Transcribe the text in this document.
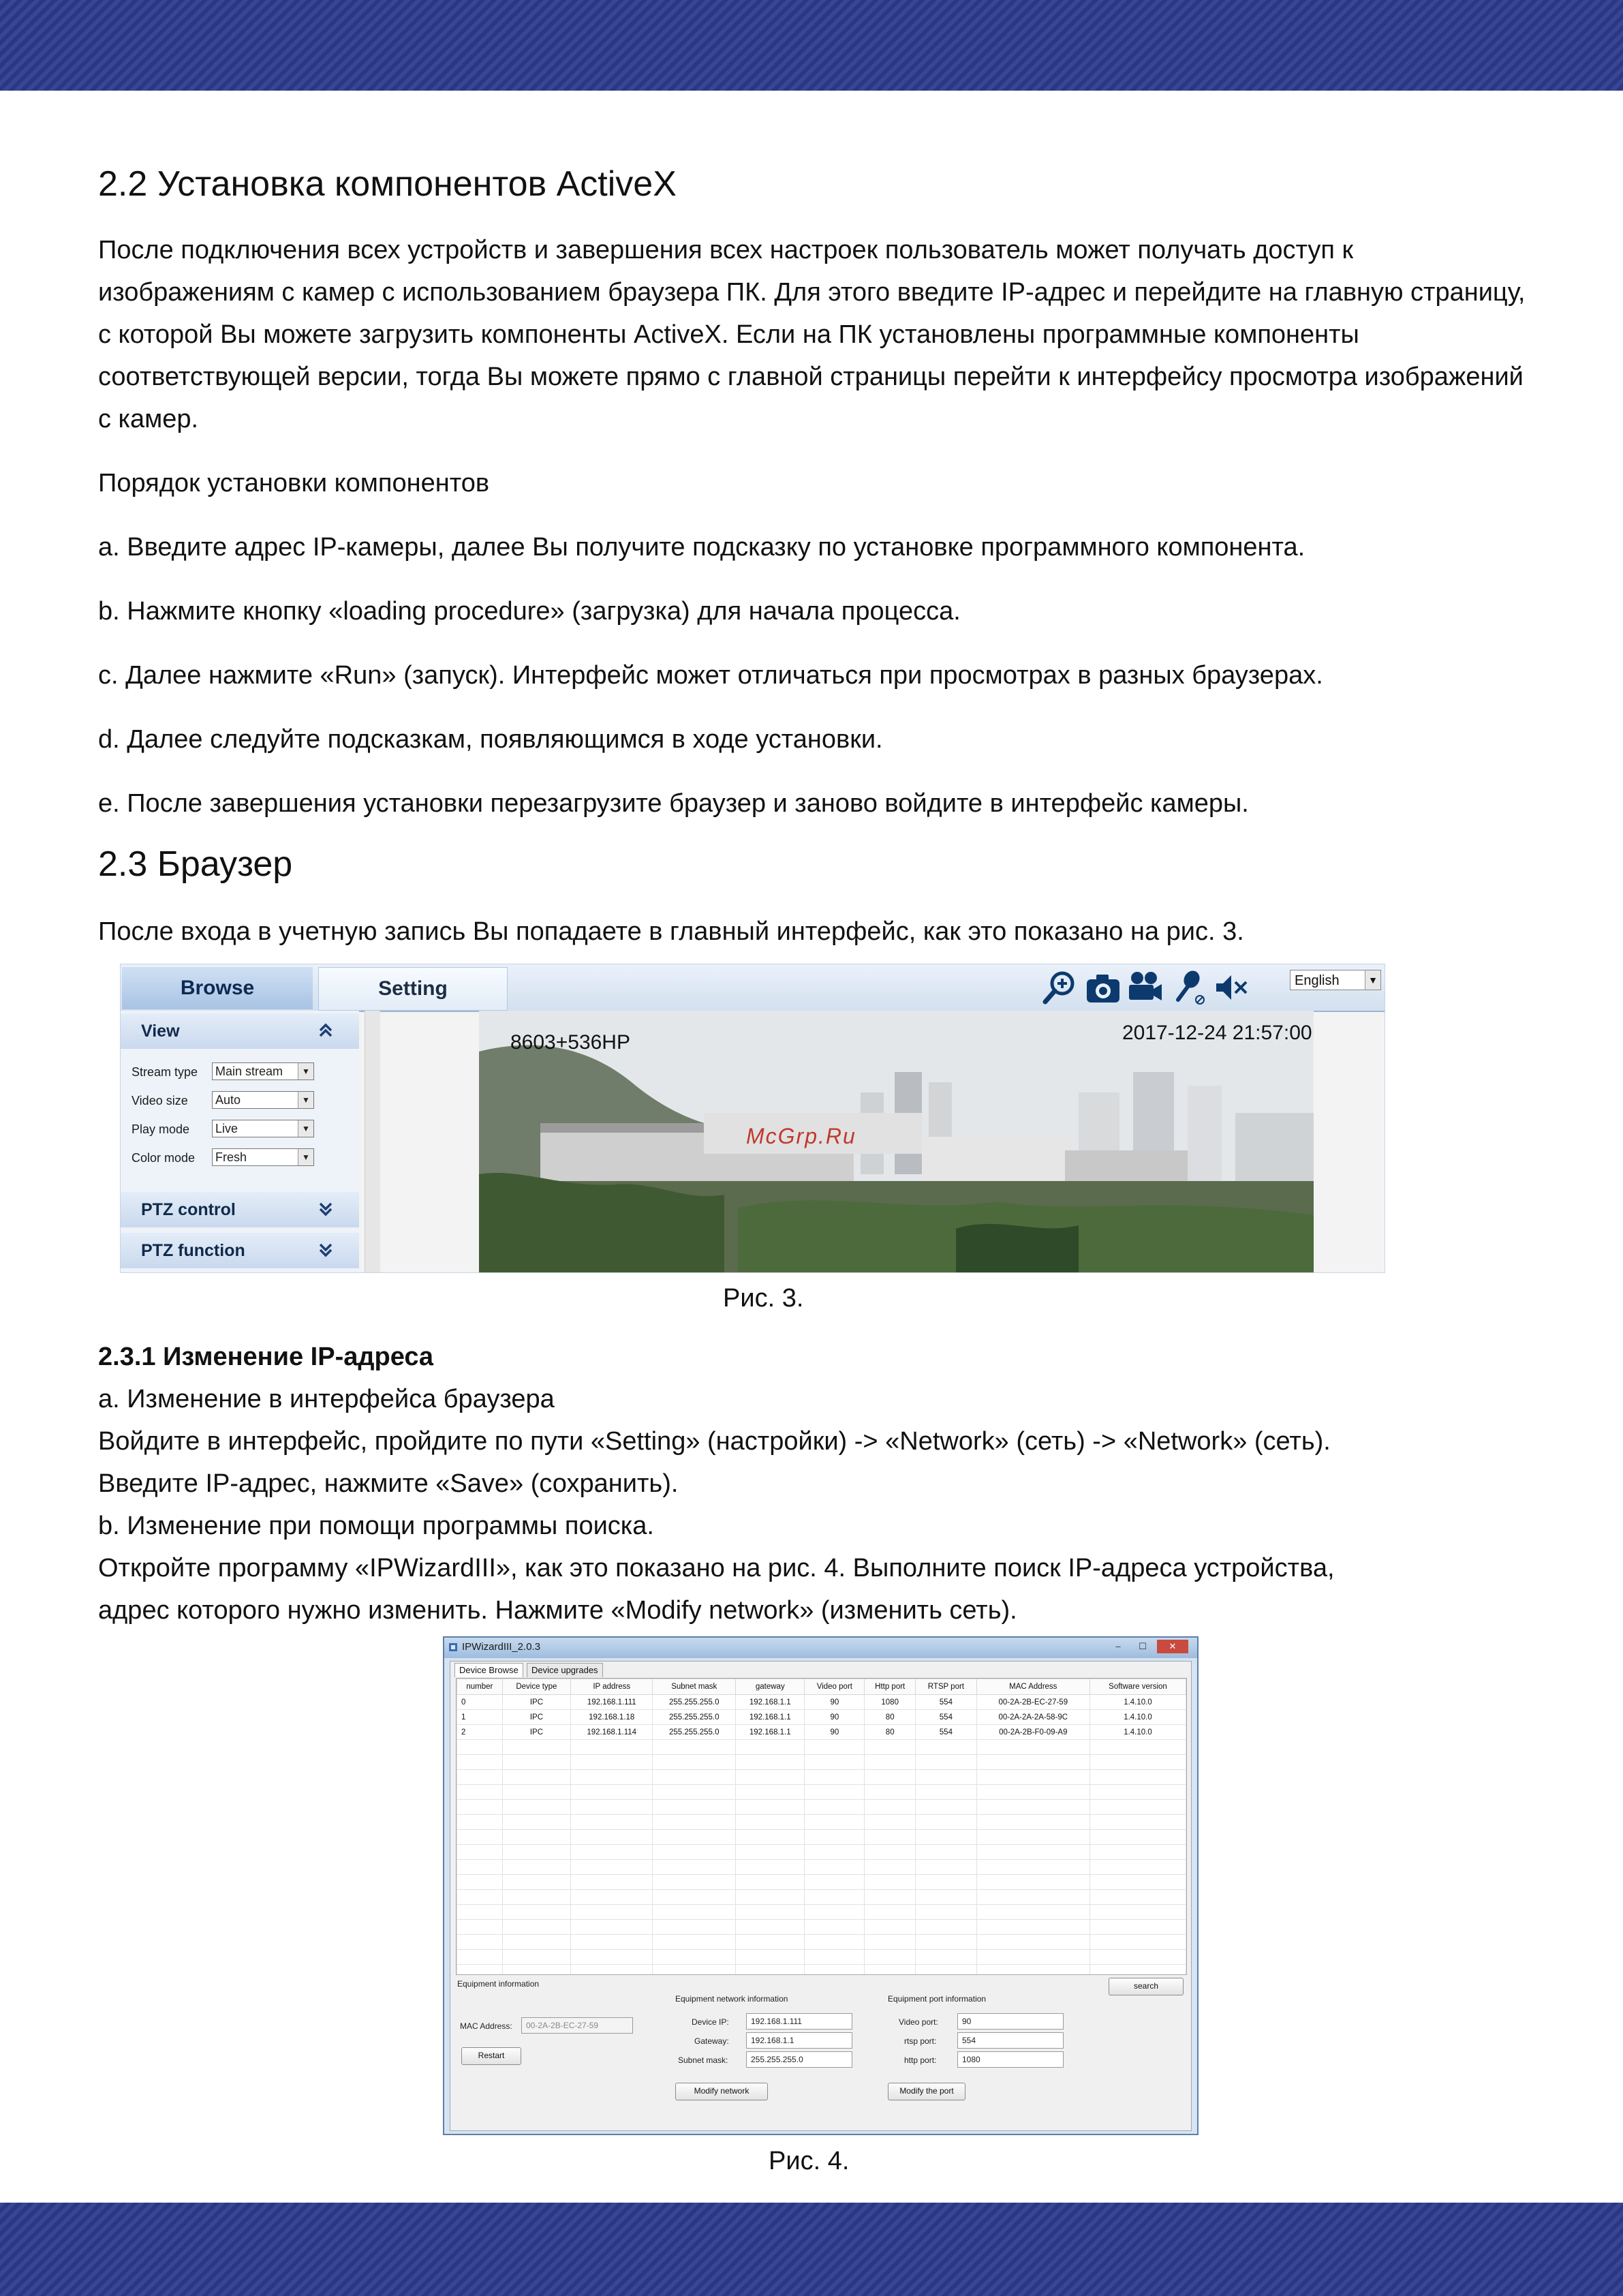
2.2 Установка компонентов ActiveX

После подключения всех устройств и завершения всех настроек пользователь может получать доступ к изображениям с камер с использованием браузера ПК. Для этого введите IP-адрес и перейдите на главную страницу, с которой Вы можете загрузить компоненты ActiveX. Если на ПК установлены программные компоненты соответствующей версии, тогда Вы можете прямо с главной страницы перейти к интерфейсу просмотра изображений с камер.

Порядок установки компонентов

a. Введите адрес IP-камеры, далее Вы получите подсказку по установке программного компонента.

b. Нажмите кнопку «loading procedure» (загрузка) для начала процесса.

c. Далее нажмите «Run» (запуск). Интерфейс может отличаться при просмотрах в разных браузерах.

d. Далее следуйте подсказкам, появляющимся в ходе установки.

e. После завершения установки перезагрузите браузер и заново войдите в интерфейс камеры.

2.3 Браузер

После входа в учетную запись Вы попадаете в главный интерфейс, как это показано на рис. 3.

Browse	Setting	English	▼
View
Stream type Main stream	▼
Video size Auto	▼
Play mode Live	▼
Color mode Fresh	▼
PTZ control
PTZ function
8603+536HP	2017-12-24 21:57:00
McGrp.Ru
Рис. 3.

2.3.1 Изменение IP-адреса

a. Изменение в интерфейса браузера

Войдите в интерфейс, пройдите по пути «Setting» (настройки) -> «Network» (сеть) -> «Network» (сеть).

Введите IP-адрес, нажмите «Save» (сохранить).

b. Изменение при помощи программы поиска.

Откройте программу «IPWizardIII», как это показано на рис. 4. Выполните поиск IP-адреса устройства,

адрес которого нужно изменить. Нажмите «Modify network» (изменить сеть).

IPWizardIII_2.0.3	–	☐	✕
Device Browse	Device upgrades
number	Device type	IP address	Subnet mask	gateway	Video port	Http port	RTSP port	MAC Address	Software version
0	IPC	192.168.1.111	255.255.255.0	192.168.1.1	90	1080	554	00-2A-2B-EC-27-59	1.4.10.0
1	IPC	192.168.1.18	255.255.255.0	192.168.1.1	90	80	554	00-2A-2A-2A-58-9C	1.4.10.0
2	IPC	192.168.1.114	255.255.255.0	192.168.1.1	90	80	554	00-2A-2B-F0-09-A9	1.4.10.0

Equipment information
MAC Address:	00-2A-2B-EC-27-59
Restart
Equipment network information
Device IP:	192.168.1.111
Gateway:	192.168.1.1
Subnet mask:	255.255.255.0
Modify network
Equipment port information
Video port:	90
rtsp port:	554
http port:	1080
Modify the port
search
Рис. 4.
